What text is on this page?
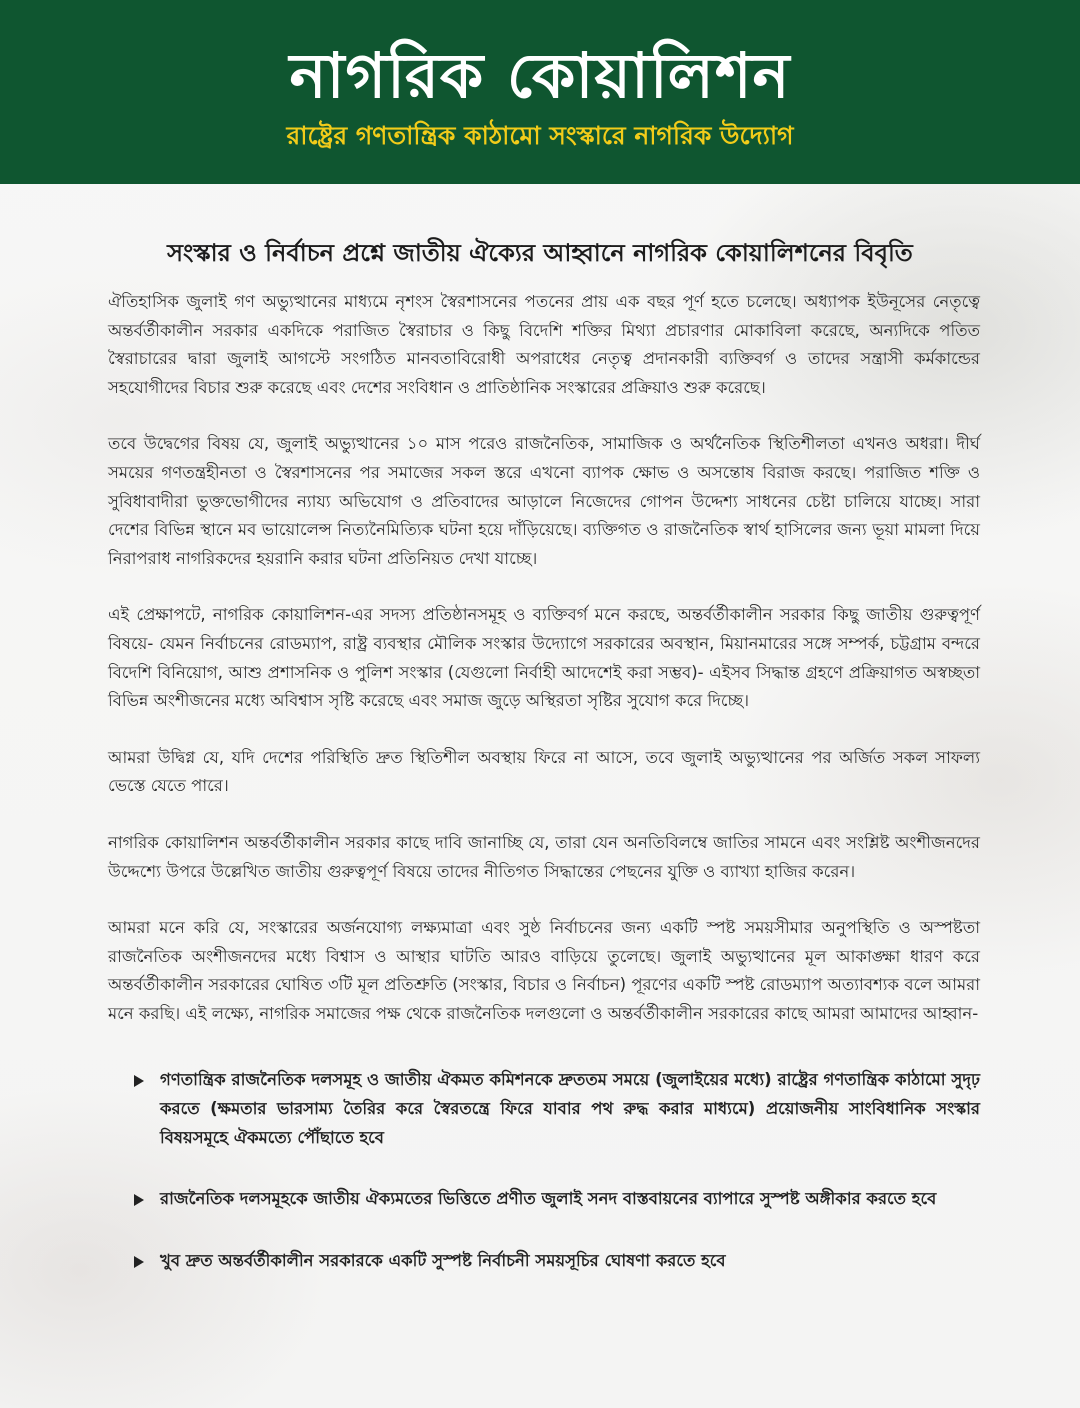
নাগরিক কোয়ালিশন
রাষ্ট্রের গণতান্ত্রিক কাঠামো সংস্কারে নাগরিক উদ্যোগ
সংস্কার ও নির্বাচন প্রশ্নে জাতীয় ঐক্যের আহ্বানে নাগরিক কোয়ালিশনের বিবৃতি

ঐতিহাসিক জুলাই গণ অভ্যুত্থানের মাধ্যমে নৃশংস স্বৈরশাসনের পতনের প্রায় এক বছর পূর্ণ হতে চলেছে। অধ্যাপক ইউনূসের নেতৃত্বে অন্তর্বর্তীকালীন সরকার একদিকে পরাজিত স্বৈরাচার ও কিছু বিদেশি শক্তির মিথ্যা প্রচারণার মোকাবিলা করেছে, অন্যদিকে পতিত স্বৈরাচারের দ্বারা জুলাই আগস্টে সংগঠিত মানবতাবিরোধী অপরাধের নেতৃত্ব প্রদানকারী ব্যক্তিবর্গ ও তাদের সন্ত্রাসী কর্মকান্ডের সহযোগীদের বিচার শুরু করেছে এবং দেশের সংবিধান ও প্রাতিষ্ঠানিক সংস্কারের প্রক্রিয়াও শুরু করেছে।

তবে উদ্বেগের বিষয় যে, জুলাই অভ্যুত্থানের ১০ মাস পরেও রাজনৈতিক, সামাজিক ও অর্থনৈতিক স্থিতিশীলতা এখনও অধরা। দীর্ঘ সময়ের গণতন্ত্রহীনতা ও স্বৈরশাসনের পর সমাজের সকল স্তরে এখনো ব্যাপক ক্ষোভ ও অসন্তোষ বিরাজ করছে। পরাজিত শক্তি ও সুবিধাবাদীরা ভুক্তভোগীদের ন্যায্য অভিযোগ ও প্রতিবাদের আড়ালে নিজেদের গোপন উদ্দেশ্য সাধনের চেষ্টা চালিয়ে যাচ্ছে। সারা দেশের বিভিন্ন স্থানে মব ভায়োলেন্স নিত্যনৈমিত্যিক ঘটনা হয়ে দাঁড়িয়েছে। ব্যক্তিগত ও রাজনৈতিক স্বার্থ হাসিলের জন্য ভূয়া মামলা দিয়ে নিরাপরাধ নাগরিকদের হয়রানি করার ঘটনা প্রতিনিয়ত দেখা যাচ্ছে।

এই প্রেক্ষাপটে, নাগরিক কোয়ালিশন-এর সদস্য প্রতিষ্ঠানসমূহ ও ব্যক্তিবর্গ মনে করছে, অন্তর্বর্তীকালীন সরকার কিছু জাতীয় গুরুত্বপূর্ণ বিষয়ে- যেমন নির্বাচনের রোডম্যাপ, রাষ্ট্র ব্যবস্থার মৌলিক সংস্কার উদ্যোগে সরকারের অবস্থান, মিয়ানমারের সঙ্গে সম্পর্ক, চট্টগ্রাম বন্দরে বিদেশি বিনিয়োগ, আশু প্রশাসনিক ও পুলিশ সংস্কার (যেগুলো নির্বাহী আদেশেই করা সম্ভব)- এইসব সিদ্ধান্ত গ্রহণে প্রক্রিয়াগত অস্বচ্ছতা বিভিন্ন অংশীজনের মধ্যে অবিশ্বাস সৃষ্টি করেছে এবং সমাজ জুড়ে অস্থিরতা সৃষ্টির সুযোগ করে দিচ্ছে।

আমরা উদ্বিগ্ন যে, যদি দেশের পরিস্থিতি দ্রুত স্থিতিশীল অবস্থায় ফিরে না আসে, তবে জুলাই অভ্যুত্থানের পর অর্জিত সকল সাফল্য ভেস্তে যেতে পারে।

নাগরিক কোয়ালিশন অন্তর্বর্তীকালীন সরকার কাছে দাবি জানাচ্ছি যে, তারা যেন অনতিবিলম্বে জাতির সামনে এবং সংশ্লিষ্ট অংশীজনদের উদ্দেশ্যে উপরে উল্লেখিত জাতীয় গুরুত্বপূর্ণ বিষয়ে তাদের নীতিগত সিদ্ধান্তের পেছনের যুক্তি ও ব্যাখ্যা হাজির করেন।

আমরা মনে করি যে, সংস্কারের অর্জনযোগ্য লক্ষ্যমাত্রা এবং সুষ্ঠ নির্বাচনের জন্য একটি স্পষ্ট সময়সীমার অনুপস্থিতি ও অস্পষ্টতা রাজনৈতিক অংশীজনদের মধ্যে বিশ্বাস ও আস্থার ঘাটতি আরও বাড়িয়ে তুলেছে। জুলাই অভ্যুত্থানের মূল আকাঙ্ক্ষা ধারণ করে অন্তর্বর্তীকালীন সরকারের ঘোষিত ৩টি মূল প্রতিশ্রুতি (সংস্কার, বিচার ও নির্বাচন) পূরণের একটি স্পষ্ট রোডম্যাপ অত্যাবশ্যক বলে আমরা মনে করছি। এই লক্ষ্যে, নাগরিক সমাজের পক্ষ থেকে রাজনৈতিক দলগুলো ও অন্তর্বর্তীকালীন সরকারের কাছে আমরা আমাদের আহ্বান-

গণতান্ত্রিক রাজনৈতিক দলসমূহ ও জাতীয় ঐকমত কমিশনকে দ্রুততম সময়ে (জুলাইয়ের মধ্যে) রাষ্ট্রের গণতান্ত্রিক কাঠামো সুদৃঢ় করতে (ক্ষমতার ভারসাম্য তৈরির করে স্বৈরতন্ত্রে ফিরে যাবার পথ রুদ্ধ করার মাধ্যমে) প্রয়োজনীয় সাংবিধানিক সংস্কার বিষয়সমূহে ঐকমত্যে পৌঁছাতে হবে
রাজনৈতিক দলসমূহকে জাতীয় ঐক্যমতের ভিত্তিতে প্রণীত জুলাই সনদ বাস্তবায়নের ব্যাপারে সুস্পষ্ট অঙ্গীকার করতে হবে
খুব দ্রুত অন্তর্বর্তীকালীন সরকারকে একটি সুস্পষ্ট নির্বাচনী সময়সূচির ঘোষণা করতে হবে
